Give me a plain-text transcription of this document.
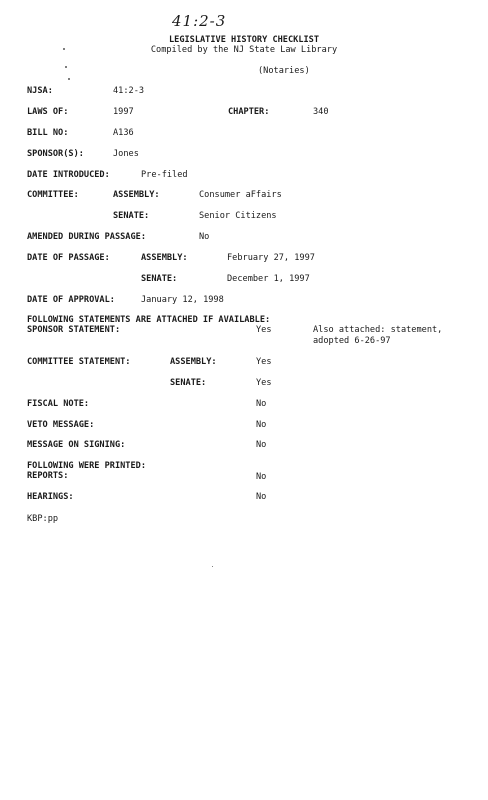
41:2-3
LEGISLATIVE HISTORY CHECKLIST
Compiled by the NJ State Law Library
(Notaries)
NJSA:	41:2-3
LAWS OF:	1997	CHAPTER:	340
BILL NO:	A136
SPONSOR(S):	Jones
DATE INTRODUCED:	Pre-filed
COMMITTEE:	ASSEMBLY:	Consumer aFfairs
SENATE:	Senior Citizens
AMENDED DURING PASSAGE:	No
DATE OF PASSAGE:	ASSEMBLY:	February 27, 1997
SENATE:	December 1, 1997
DATE OF APPROVAL:	January 12, 1998
FOLLOWING STATEMENTS ARE ATTACHED IF AVAILABLE:
SPONSOR STATEMENT:	Yes	Also attached: statement,
adopted 6-26-97
COMMITTEE STATEMENT:	ASSEMBLY:	Yes
SENATE:	Yes
FISCAL NOTE:	No
VETO MESSAGE:	No
MESSAGE ON SIGNING:	No
FOLLOWING WERE PRINTED:
REPORTS:	No
HEARINGS:	No
KBP:pp
